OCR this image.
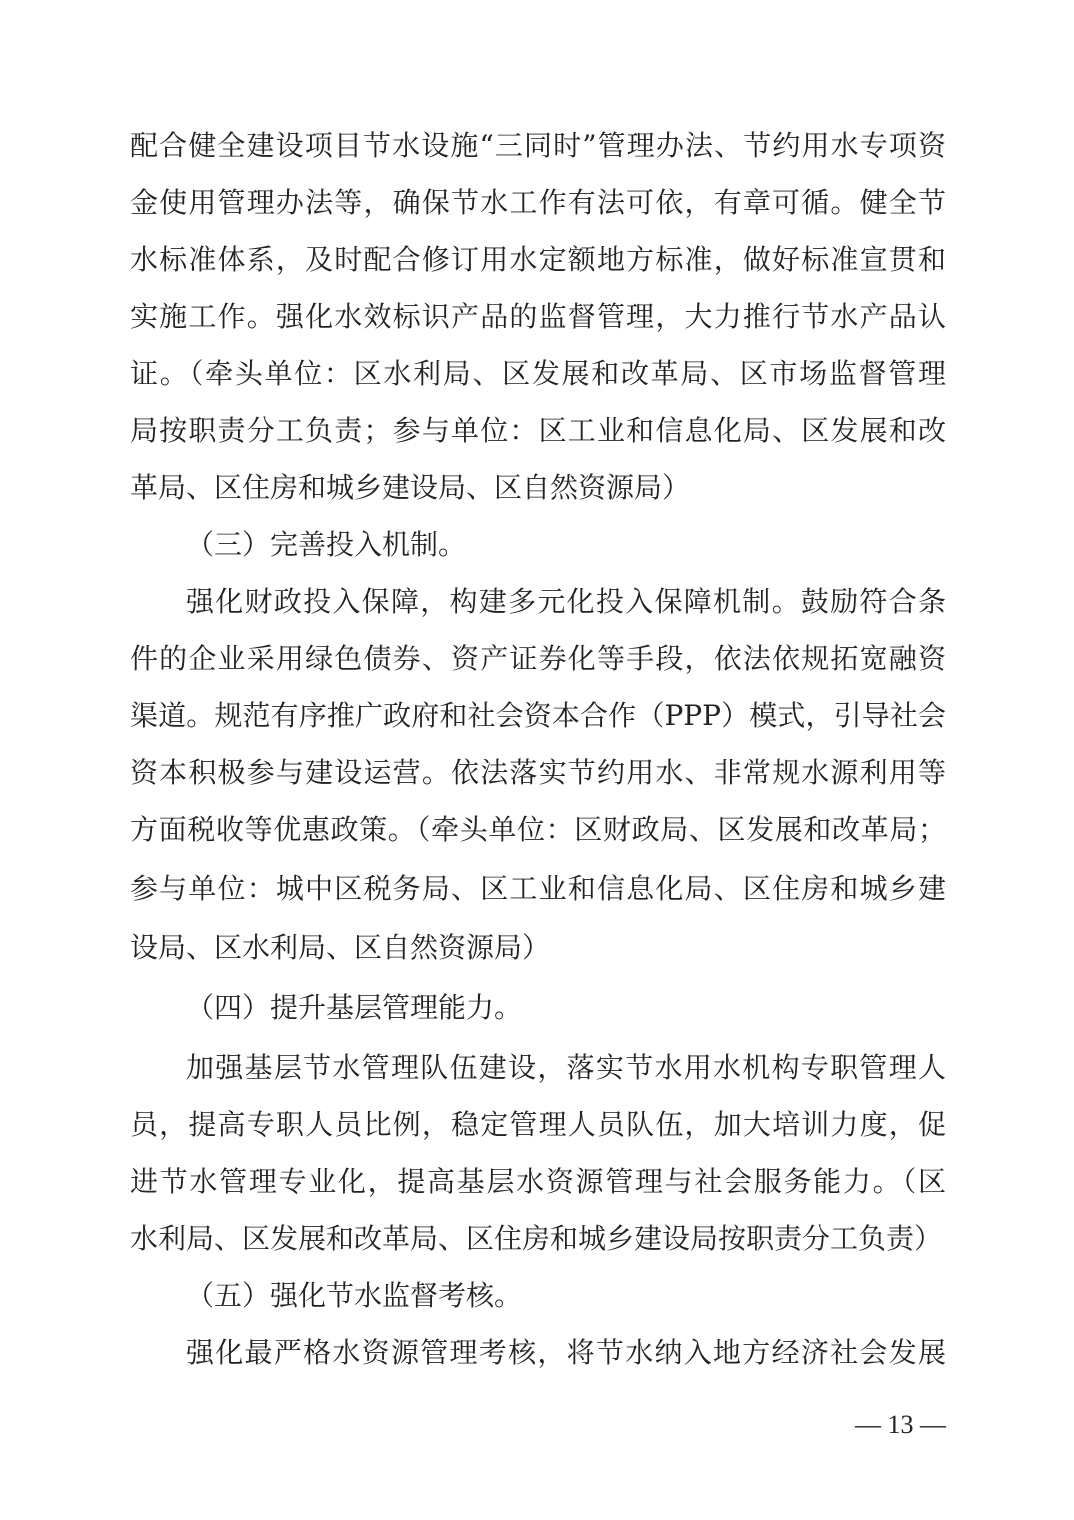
配合健全建设项目节水设施“三同时”管理办法、节约用水专项资
金使用管理办法等，确保节水工作有法可依，有章可循。健全节
水标准体系，及时配合修订用水定额地方标准，做好标准宣贯和
实施工作。强化水效标识产品的监督管理，大力推行节水产品认
证。（牵头单位：区水利局、区发展和改革局、区市场监督管理
局按职责分工负责；参与单位：区工业和信息化局、区发展和改
革局、区住房和城乡建设局、区自然资源局）
（三）完善投入机制。
强化财政投入保障，构建多元化投入保障机制。鼓励符合条
件的企业采用绿色债券、资产证券化等手段，依法依规拓宽融资
渠道。规范有序推广政府和社会资本合作（PPP）模式，引导社会
资本积极参与建设运营。依法落实节约用水、非常规水源利用等
方面税收等优惠政策。（牵头单位：区财政局、区发展和改革局；
参与单位：城中区税务局、区工业和信息化局、区住房和城乡建
设局、区水利局、区自然资源局）
（四）提升基层管理能力。
加强基层节水管理队伍建设，落实节水用水机构专职管理人
员，提高专职人员比例，稳定管理人员队伍，加大培训力度，促
进节水管理专业化，提高基层水资源管理与社会服务能力。（区
水利局、区发展和改革局、区住房和城乡建设局按职责分工负责）
（五）强化节水监督考核。
强化最严格水资源管理考核，将节水纳入地方经济社会发展
— 13 —
